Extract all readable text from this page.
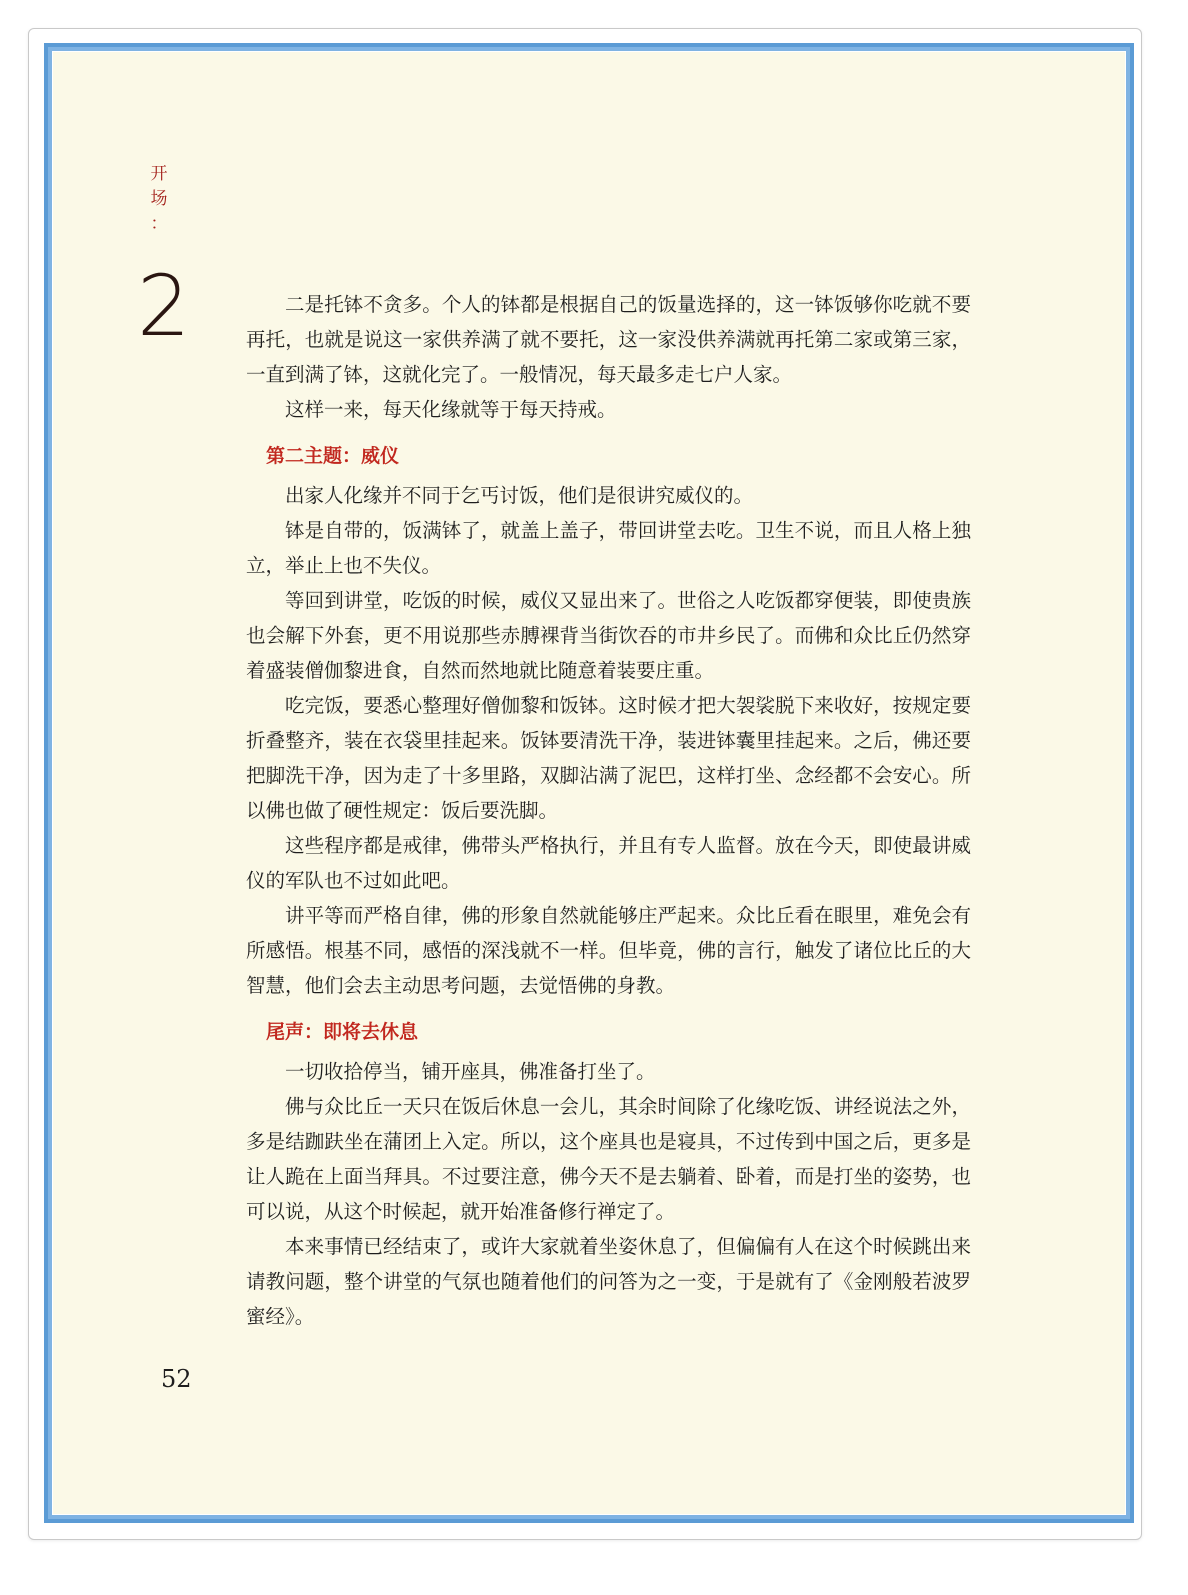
开
场
：
2	二是托钵不贪多。个人的钵都是根据自己的饭量选择的，这一钵饭够你吃就不要再托，也就是说这一家供养满了就不要托，这一家没供养满就再托第二家或第三家，一直到满了钵，这就化完了。一般情况，每天最多走七户人家。

这样一来，每天化缘就等于每天持戒。

第二主题：威仪

出家人化缘并不同于乞丐讨饭，他们是很讲究威仪的。

钵是自带的，饭满钵了，就盖上盖子，带回讲堂去吃。卫生不说，而且人格上独立，举止上也不失仪。

等回到讲堂，吃饭的时候，威仪又显出来了。世俗之人吃饭都穿便装，即使贵族也会解下外套，更不用说那些赤膊裸背当街饮吞的市井乡民了。而佛和众比丘仍然穿着盛装僧伽黎进食，自然而然地就比随意着装要庄重。

吃完饭，要悉心整理好僧伽黎和饭钵。这时候才把大袈裟脱下来收好，按规定要折叠整齐，装在衣袋里挂起来。饭钵要清洗干净，装进钵囊里挂起来。之后，佛还要把脚洗干净，因为走了十多里路，双脚沾满了泥巴，这样打坐、念经都不会安心。所以佛也做了硬性规定：饭后要洗脚。

这些程序都是戒律，佛带头严格执行，并且有专人监督。放在今天，即使最讲威仪的军队也不过如此吧。

讲平等而严格自律，佛的形象自然就能够庄严起来。众比丘看在眼里，难免会有所感悟。根基不同，感悟的深浅就不一样。但毕竟，佛的言行，触发了诸位比丘的大智慧，他们会去主动思考问题，去觉悟佛的身教。

尾声：即将去休息

一切收拾停当，铺开座具，佛准备打坐了。

佛与众比丘一天只在饭后休息一会儿，其余时间除了化缘吃饭、讲经说法之外，多是结跏趺坐在蒲团上入定。所以，这个座具也是寝具，不过传到中国之后，更多是让人跪在上面当拜具。不过要注意，佛今天不是去躺着、卧着，而是打坐的姿势，也可以说，从这个时候起，就开始准备修行禅定了。

本来事情已经结束了，或许大家就着坐姿休息了，但偏偏有人在这个时候跳出来请教问题，整个讲堂的气氛也随着他们的问答为之一变，于是就有了《金刚般若波罗蜜经》。

52
